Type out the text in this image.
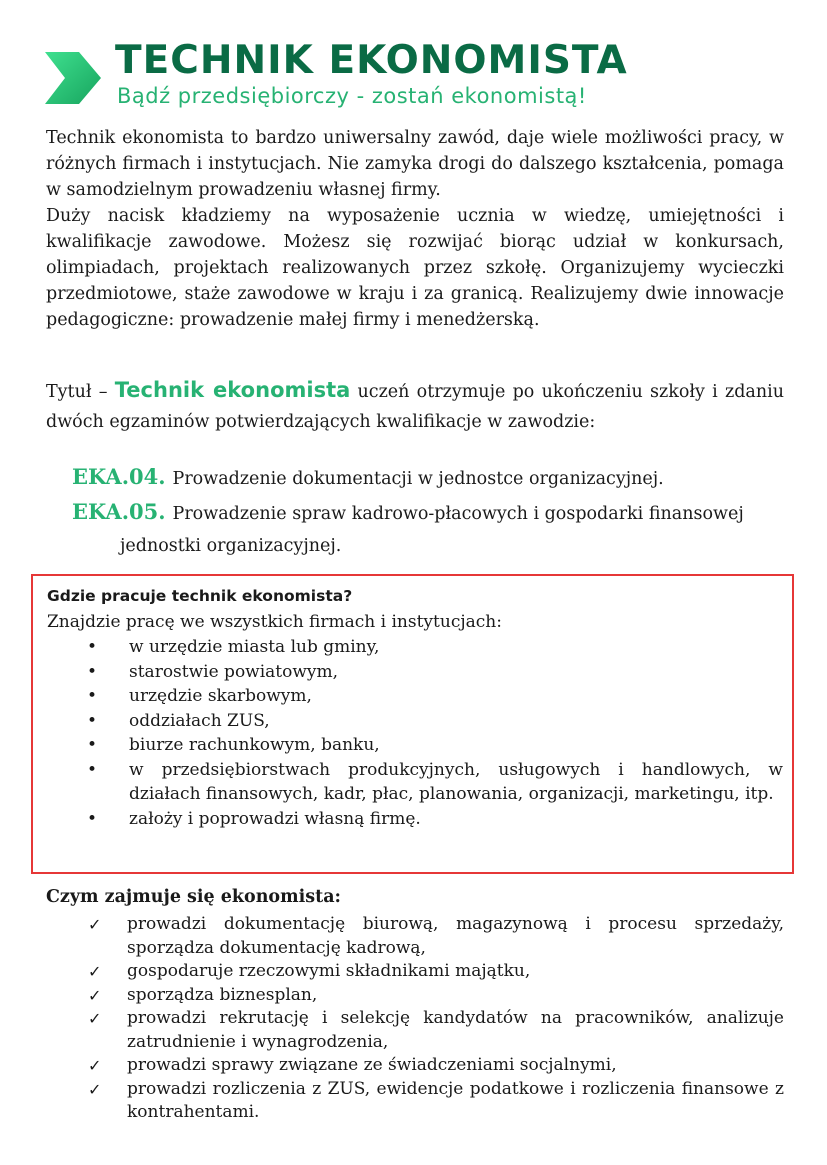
TECHNIK EKONOMISTA
Bądź przedsiębiorczy - zostań ekonomistą!

Technik ekonomista to bardzo uniwersalny zawód, daje wiele możliwości pracy, w różnych firmach i instytucjach. Nie zamyka drogi do dalszego kształcenia, pomaga w samodzielnym prowadzeniu własnej firmy.

Duży nacisk kładziemy na wyposażenie ucznia w wiedzę, umiejętności i kwalifikacje zawodowe. Możesz się rozwijać biorąc udział w konkursach, olimpiadach, projektach realizowanych przez szkołę. Organizujemy wycieczki przedmiotowe, staże zawodowe w kraju i za granicą. Realizujemy dwie innowacje pedagogiczne: prowadzenie małej firmy i menedżerską.

Tytuł – Technik ekonomista uczeń otrzymuje po ukończeniu szkoły i zdaniu dwóch egzaminów potwierdzających kwalifikacje w zawodzie:

EKA.04. Prowadzenie dokumentacji w jednostce organizacyjnej.
EKA.05. Prowadzenie spraw kadrowo-płacowych i gospodarki finansowej
jednostki organizacyjnej.
Gdzie pracuje technik ekonomista?
Znajdzie pracę we wszystkich firmach i instytucjach:
• w urzędzie miasta lub gminy,
• starostwie powiatowym,
• urzędzie skarbowym,
• oddziałach ZUS,
• biurze rachunkowym, banku,
• w przedsiębiorstwach produkcyjnych, usługowych i handlowych, w działach finansowych, kadr, płac, planowania, organizacji, marketingu, itp.
• założy i poprowadzi własną firmę.
Czym zajmuje się ekonomista:
✓ prowadzi dokumentację biurową, magazynową i procesu sprzedaży, sporządza dokumentację kadrową,
✓ gospodaruje rzeczowymi składnikami majątku,
✓ sporządza biznesplan,
✓ prowadzi rekrutację i selekcję kandydatów na pracowników, analizuje zatrudnienie i wynagrodzenia,
✓ prowadzi sprawy związane ze świadczeniami socjalnymi,
✓ prowadzi rozliczenia z ZUS, ewidencje podatkowe i rozliczenia finansowe z kontrahentami.
